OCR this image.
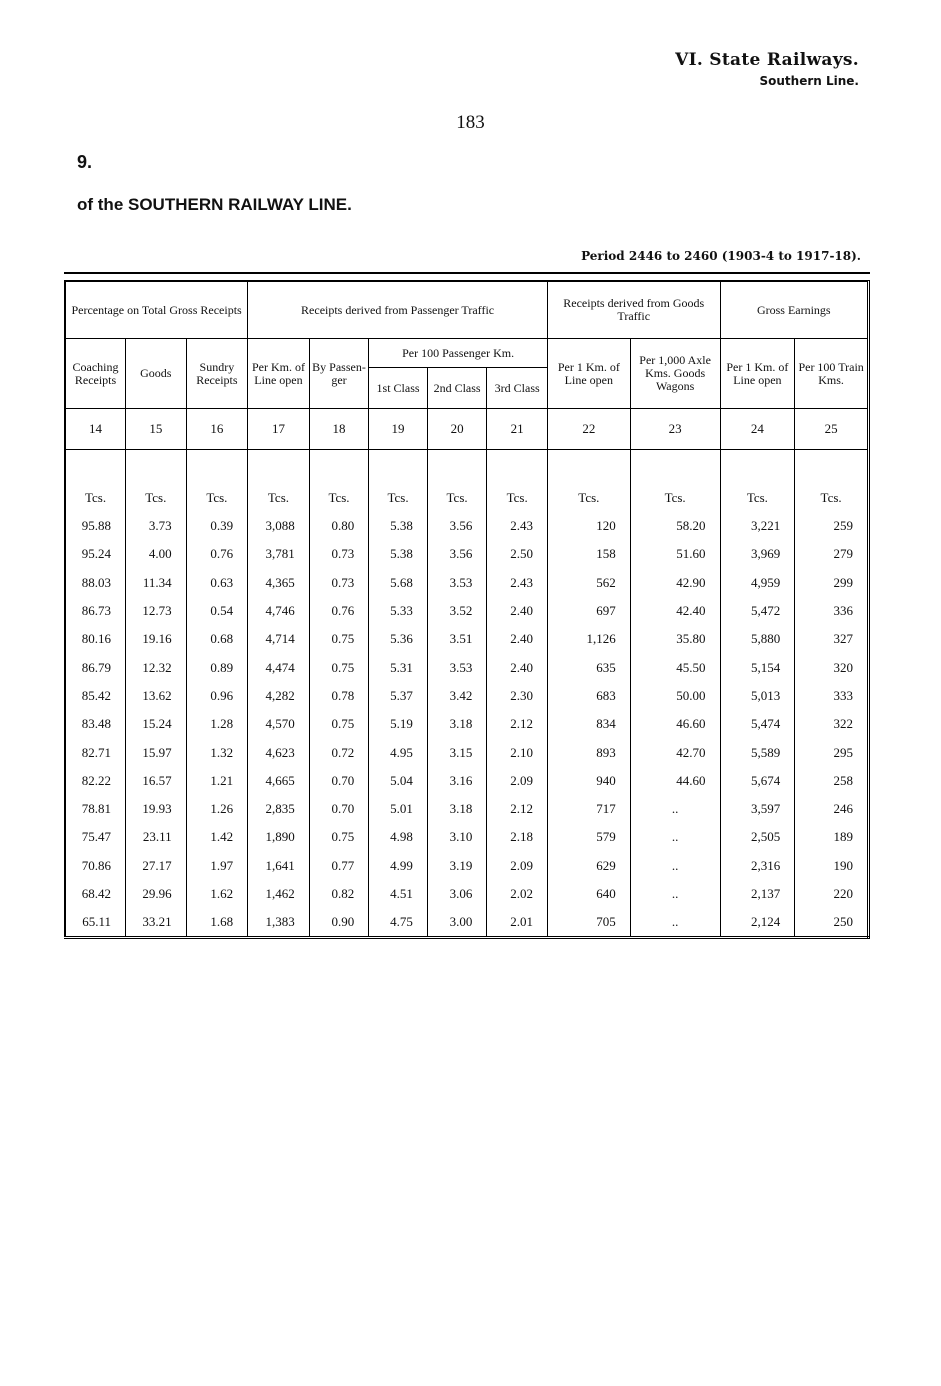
VI. State Railways.
Southern Line.
183
9.
of the SOUTHERN RAILWAY LINE.
Period 2446 to 2460 (1903-4 to 1917-18).
Percentage on Total Gross Receipts			Receipts derived from Passenger Traffic					Receipts derived from Goods Traffic		Gross Earnings	
Coaching Receipts	Goods	Sundry Receipts	Per Km. of Line open	By Passen- ger	Per 100 Passenger Km.			Per 1 Km. of Line open	Per 1,000 Axle Kms. Goods Wagons	Per 1 Km. of Line open	Per 100 Train Kms.
					1st Class	2nd Class	3rd Class				
14	15	16	17	18	19	20	21	22	23	24	25

Tcs.	Tcs.	Tcs.	Tcs.	Tcs.	Tcs.	Tcs.	Tcs.	Tcs.	Tcs.	Tcs.	Tcs.
95.88	3.73	0.39	3,088	0.80	5.38	3.56	2.43	120	58.20	3,221	259
95.24	4.00	0.76	3,781	0.73	5.38	3.56	2.50	158	51.60	3,969	279
88.03	11.34	0.63	4,365	0.73	5.68	3.53	2.43	562	42.90	4,959	299
86.73	12.73	0.54	4,746	0.76	5.33	3.52	2.40	697	42.40	5,472	336
80.16	19.16	0.68	4,714	0.75	5.36	3.51	2.40	1,126	35.80	5,880	327
86.79	12.32	0.89	4,474	0.75	5.31	3.53	2.40	635	45.50	5,154	320
85.42	13.62	0.96	4,282	0.78	5.37	3.42	2.30	683	50.00	5,013	333
83.48	15.24	1.28	4,570	0.75	5.19	3.18	2.12	834	46.60	5,474	322
82.71	15.97	1.32	4,623	0.72	4.95	3.15	2.10	893	42.70	5,589	295
82.22	16.57	1.21	4,665	0.70	5.04	3.16	2.09	940	44.60	5,674	258
78.81	19.93	1.26	2,835	0.70	5.01	3.18	2.12	717	..	3,597	246
75.47	23.11	1.42	1,890	0.75	4.98	3.10	2.18	579	..	2,505	189
70.86	27.17	1.97	1,641	0.77	4.99	3.19	2.09	629	..	2,316	190
68.42	29.96	1.62	1,462	0.82	4.51	3.06	2.02	640	..	2,137	220
65.11	33.21	1.68	1,383	0.90	4.75	3.00	2.01	705	..	2,124	250
